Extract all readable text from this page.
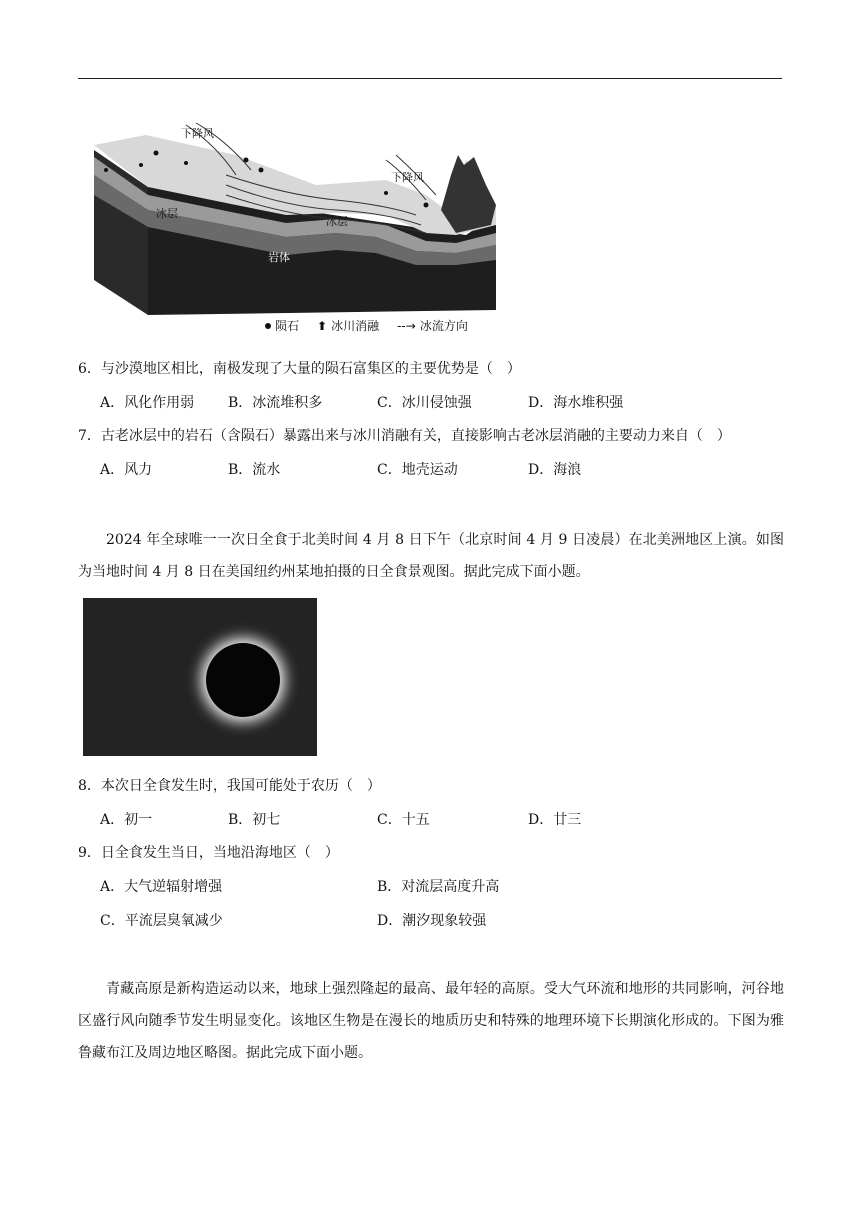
下降风
下降风
冰层
冰层
岩体
陨石 ⬆ 冰川消融 ‐‐→ 冰流方向
6．与沙漠地区相比，南极发现了大量的陨石富集区的主要优势是（　）
A．风化作用弱 B．冰流堆积多	C．冰川侵蚀强	D．海水堆积强
7．古老冰层中的岩石（含陨石）暴露出来与冰川消融有关，直接影响古老冰层消融的主要动力来自（　）
A．风力	B．流水	C．地壳运动	D．海浪

2024 年全球唯一一次日全食于北美时间 4 月 8 日下午（北京时间 4 月 9 日凌晨）在北美洲地区上演。如图为当地时间 4 月 8 日在美国纽约州某地拍摄的日全食景观图。据此完成下面小题。

8．本次日全食发生时，我国可能处于农历（　）
A．初一	B．初七	C．十五	D．廿三
9．日全食发生当日，当地沿海地区（　）
A．大气逆辐射增强	B．对流层高度升高
C．平流层臭氧减少	D．潮汐现象较强

青藏高原是新构造运动以来，地球上强烈隆起的最高、最年轻的高原。受大气环流和地形的共同影响，河谷地区盛行风向随季节发生明显变化。该地区生物是在漫长的地质历史和特殊的地理环境下长期演化形成的。下图为雅鲁藏布江及周边地区略图。据此完成下面小题。
